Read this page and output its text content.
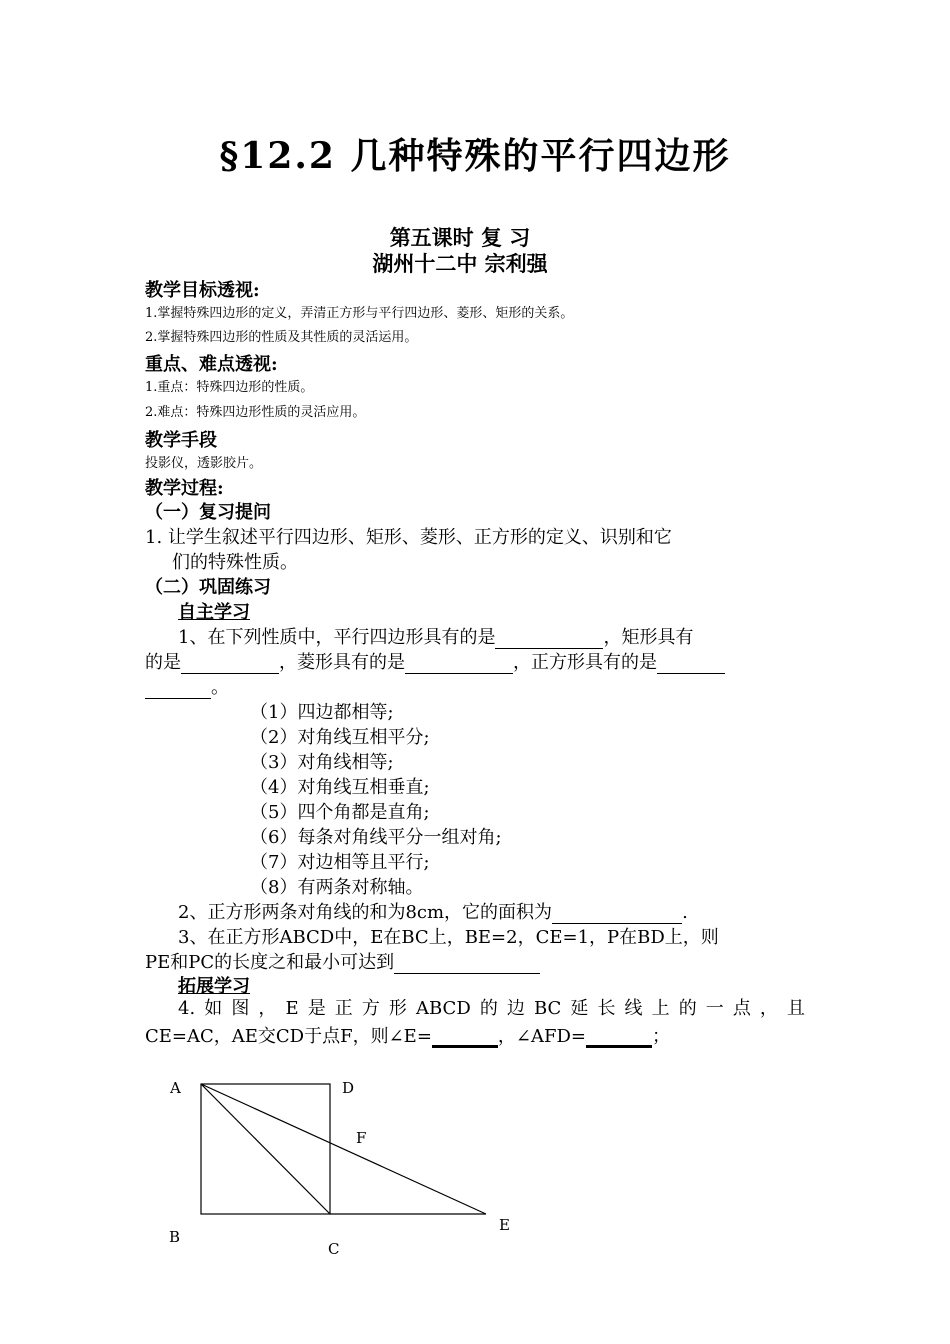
§12.2 几种特殊的平行四边形
第五课时 复 习
湖州十二中 宗利强
教学目标透视:
1.掌握特殊四边形的定义，弄清正方形与平行四边形、菱形、矩形的关系。
2.掌握特殊四边形的性质及其性质的灵活运用。
重点、难点透视:
1.重点：特殊四边形的性质。
2.难点：特殊四边形性质的灵活应用。
教学手段
投影仪，透影胶片。
教学过程:
（一）复习提问
1. 让学生叙述平行四边形、矩形、菱形、正方形的定义、识别和它
们的特殊性质。
（二）巩固练习
自主学习
1、在下列性质中，平行四边形具有的是	，矩形具有
的是	，菱形具有的是	，正方形具有的是
。
（1）四边都相等;
（2）对角线互相平分;
（3）对角线相等;
（4）对角线互相垂直;
（5）四个角都是直角;
（6）每条对角线平分一组对角;
（7）对边相等且平行;
（8）有两条对称轴。
2、正方形两条对角线的和为8cm，它的面积为	.
3、在正方形ABCD中，E在BC上，BE=2，CE=1，P在BD上，则
PE和PC的长度之和最小可达到
拓展学习
4.如图，E是正方形ABCD的边BC延长线上的一点，且
CE=AC，AE交CD于点F，则∠E=	，∠AFD=	；
A	D
F
B
C
E
